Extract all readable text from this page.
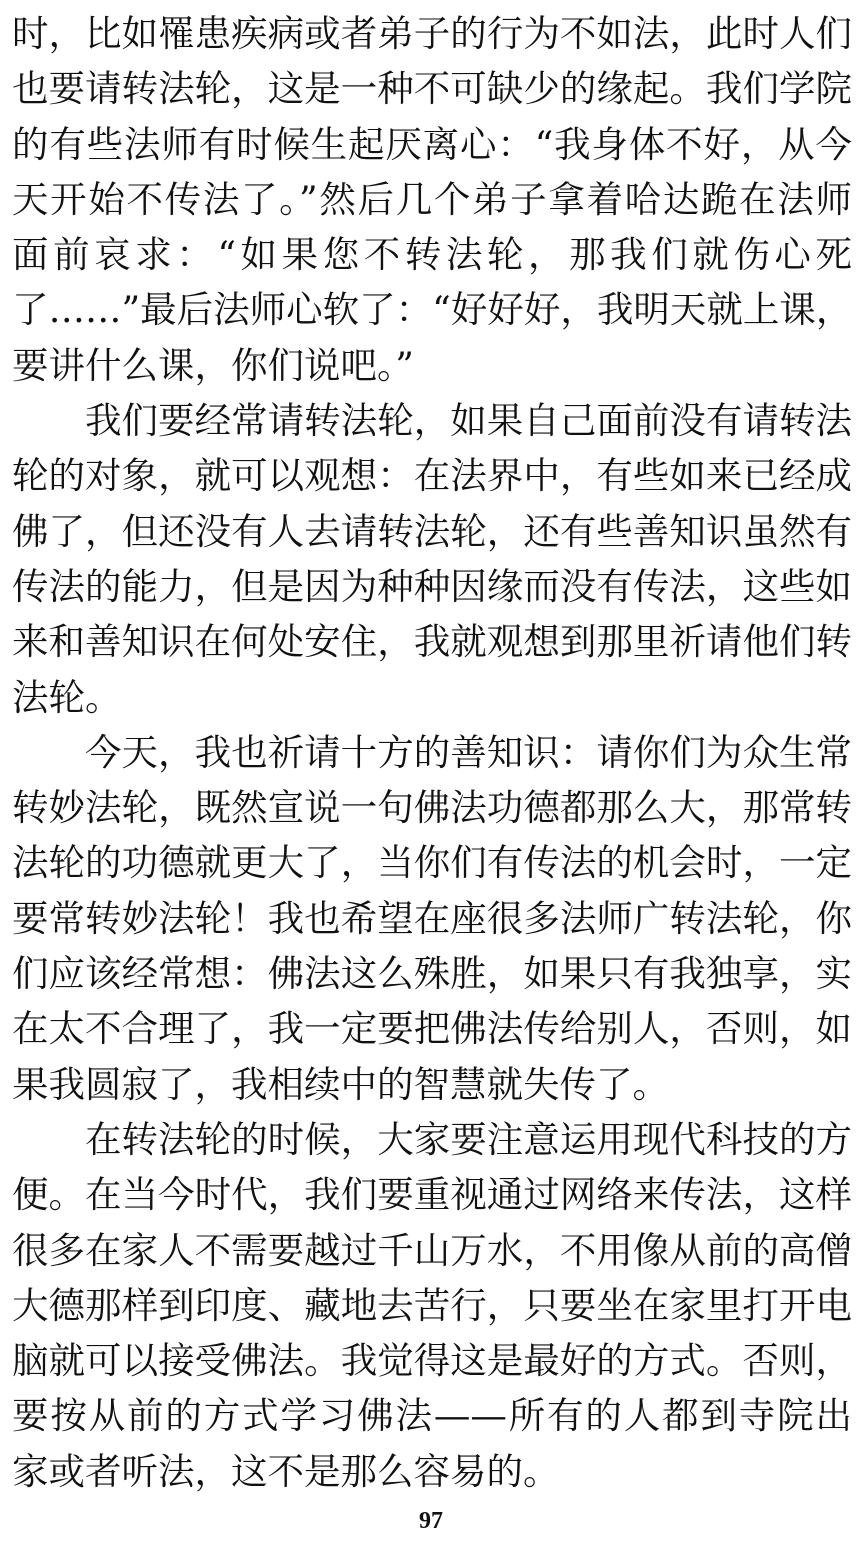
时，比如罹患疾病或者弟子的行为不如法，此时人们
也要请转法轮，这是一种不可缺少的缘起。我们学院
的有些法师有时候生起厌离心：“我身体不好，从今
天开始不传法了。”然后几个弟子拿着哈达跪在法师
面前哀求：“如果您不转法轮，那我们就伤心死
了……”最后法师心软了：“好好好，我明天就上课，
要讲什么课，你们说吧。”
我们要经常请转法轮，如果自己面前没有请转法
轮的对象，就可以观想：在法界中，有些如来已经成
佛了，但还没有人去请转法轮，还有些善知识虽然有
传法的能力，但是因为种种因缘而没有传法，这些如
来和善知识在何处安住，我就观想到那里祈请他们转
法轮。
今天，我也祈请十方的善知识：请你们为众生常
转妙法轮，既然宣说一句佛法功德都那么大，那常转
法轮的功德就更大了，当你们有传法的机会时，一定
要常转妙法轮！我也希望在座很多法师广转法轮，你
们应该经常想：佛法这么殊胜，如果只有我独享，实
在太不合理了，我一定要把佛法传给别人，否则，如
果我圆寂了，我相续中的智慧就失传了。
在转法轮的时候，大家要注意运用现代科技的方
便。在当今时代，我们要重视通过网络来传法，这样
很多在家人不需要越过千山万水，不用像从前的高僧
大德那样到印度、藏地去苦行，只要坐在家里打开电
脑就可以接受佛法。我觉得这是最好的方式。否则，
要按从前的方式学习佛法——所有的人都到寺院出
家或者听法，这不是那么容易的。
97
